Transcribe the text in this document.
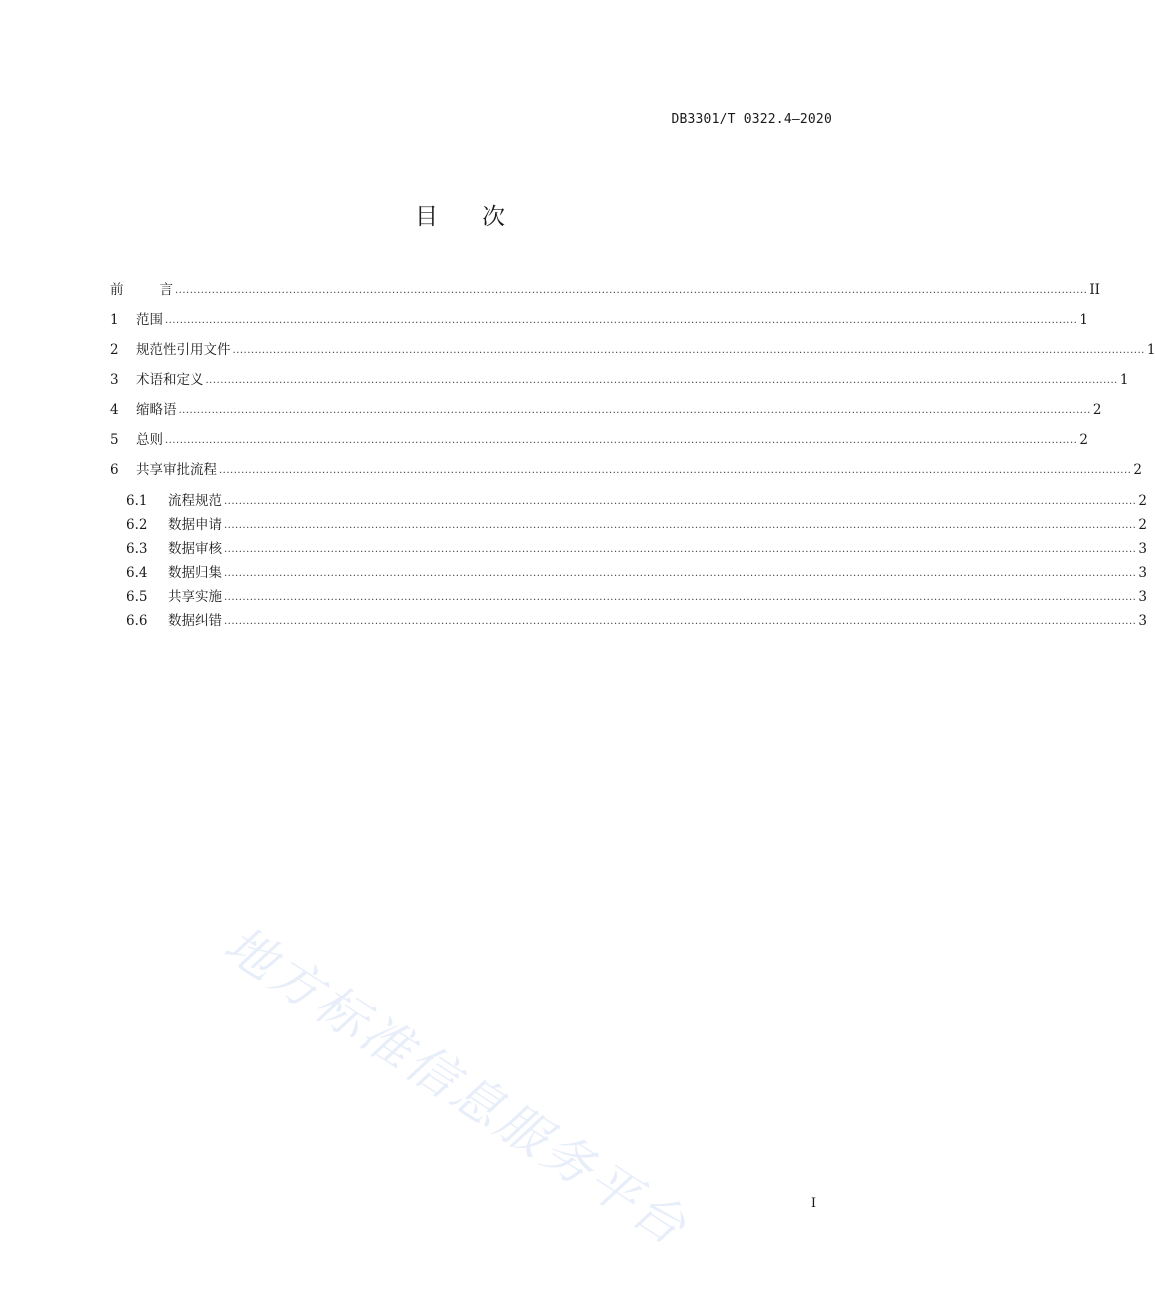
DB3301/T 0322.4—2020
目 次
前	言 ........................................................................................................................................................................................................................................................ II
1	范围 ........................................................................................................................................................................................................................................................ 1
2	规范性引用文件 ........................................................................................................................................................................................................................................................ 1
3	术语和定义 ........................................................................................................................................................................................................................................................ 1
4	缩略语 ........................................................................................................................................................................................................................................................ 2
5	总则 ........................................................................................................................................................................................................................................................ 2
6	共享审批流程 ........................................................................................................................................................................................................................................................ 2
6.1	流程规范 ........................................................................................................................................................................................................................................................ 2
6.2	数据申请 ........................................................................................................................................................................................................................................................ 2
6.3	数据审核 ........................................................................................................................................................................................................................................................ 3
6.4	数据归集 ........................................................................................................................................................................................................................................................ 3
6.5	共享实施 ........................................................................................................................................................................................................................................................ 3
6.6	数据纠错 ........................................................................................................................................................................................................................................................ 3
地方标准信息服务平台	I
